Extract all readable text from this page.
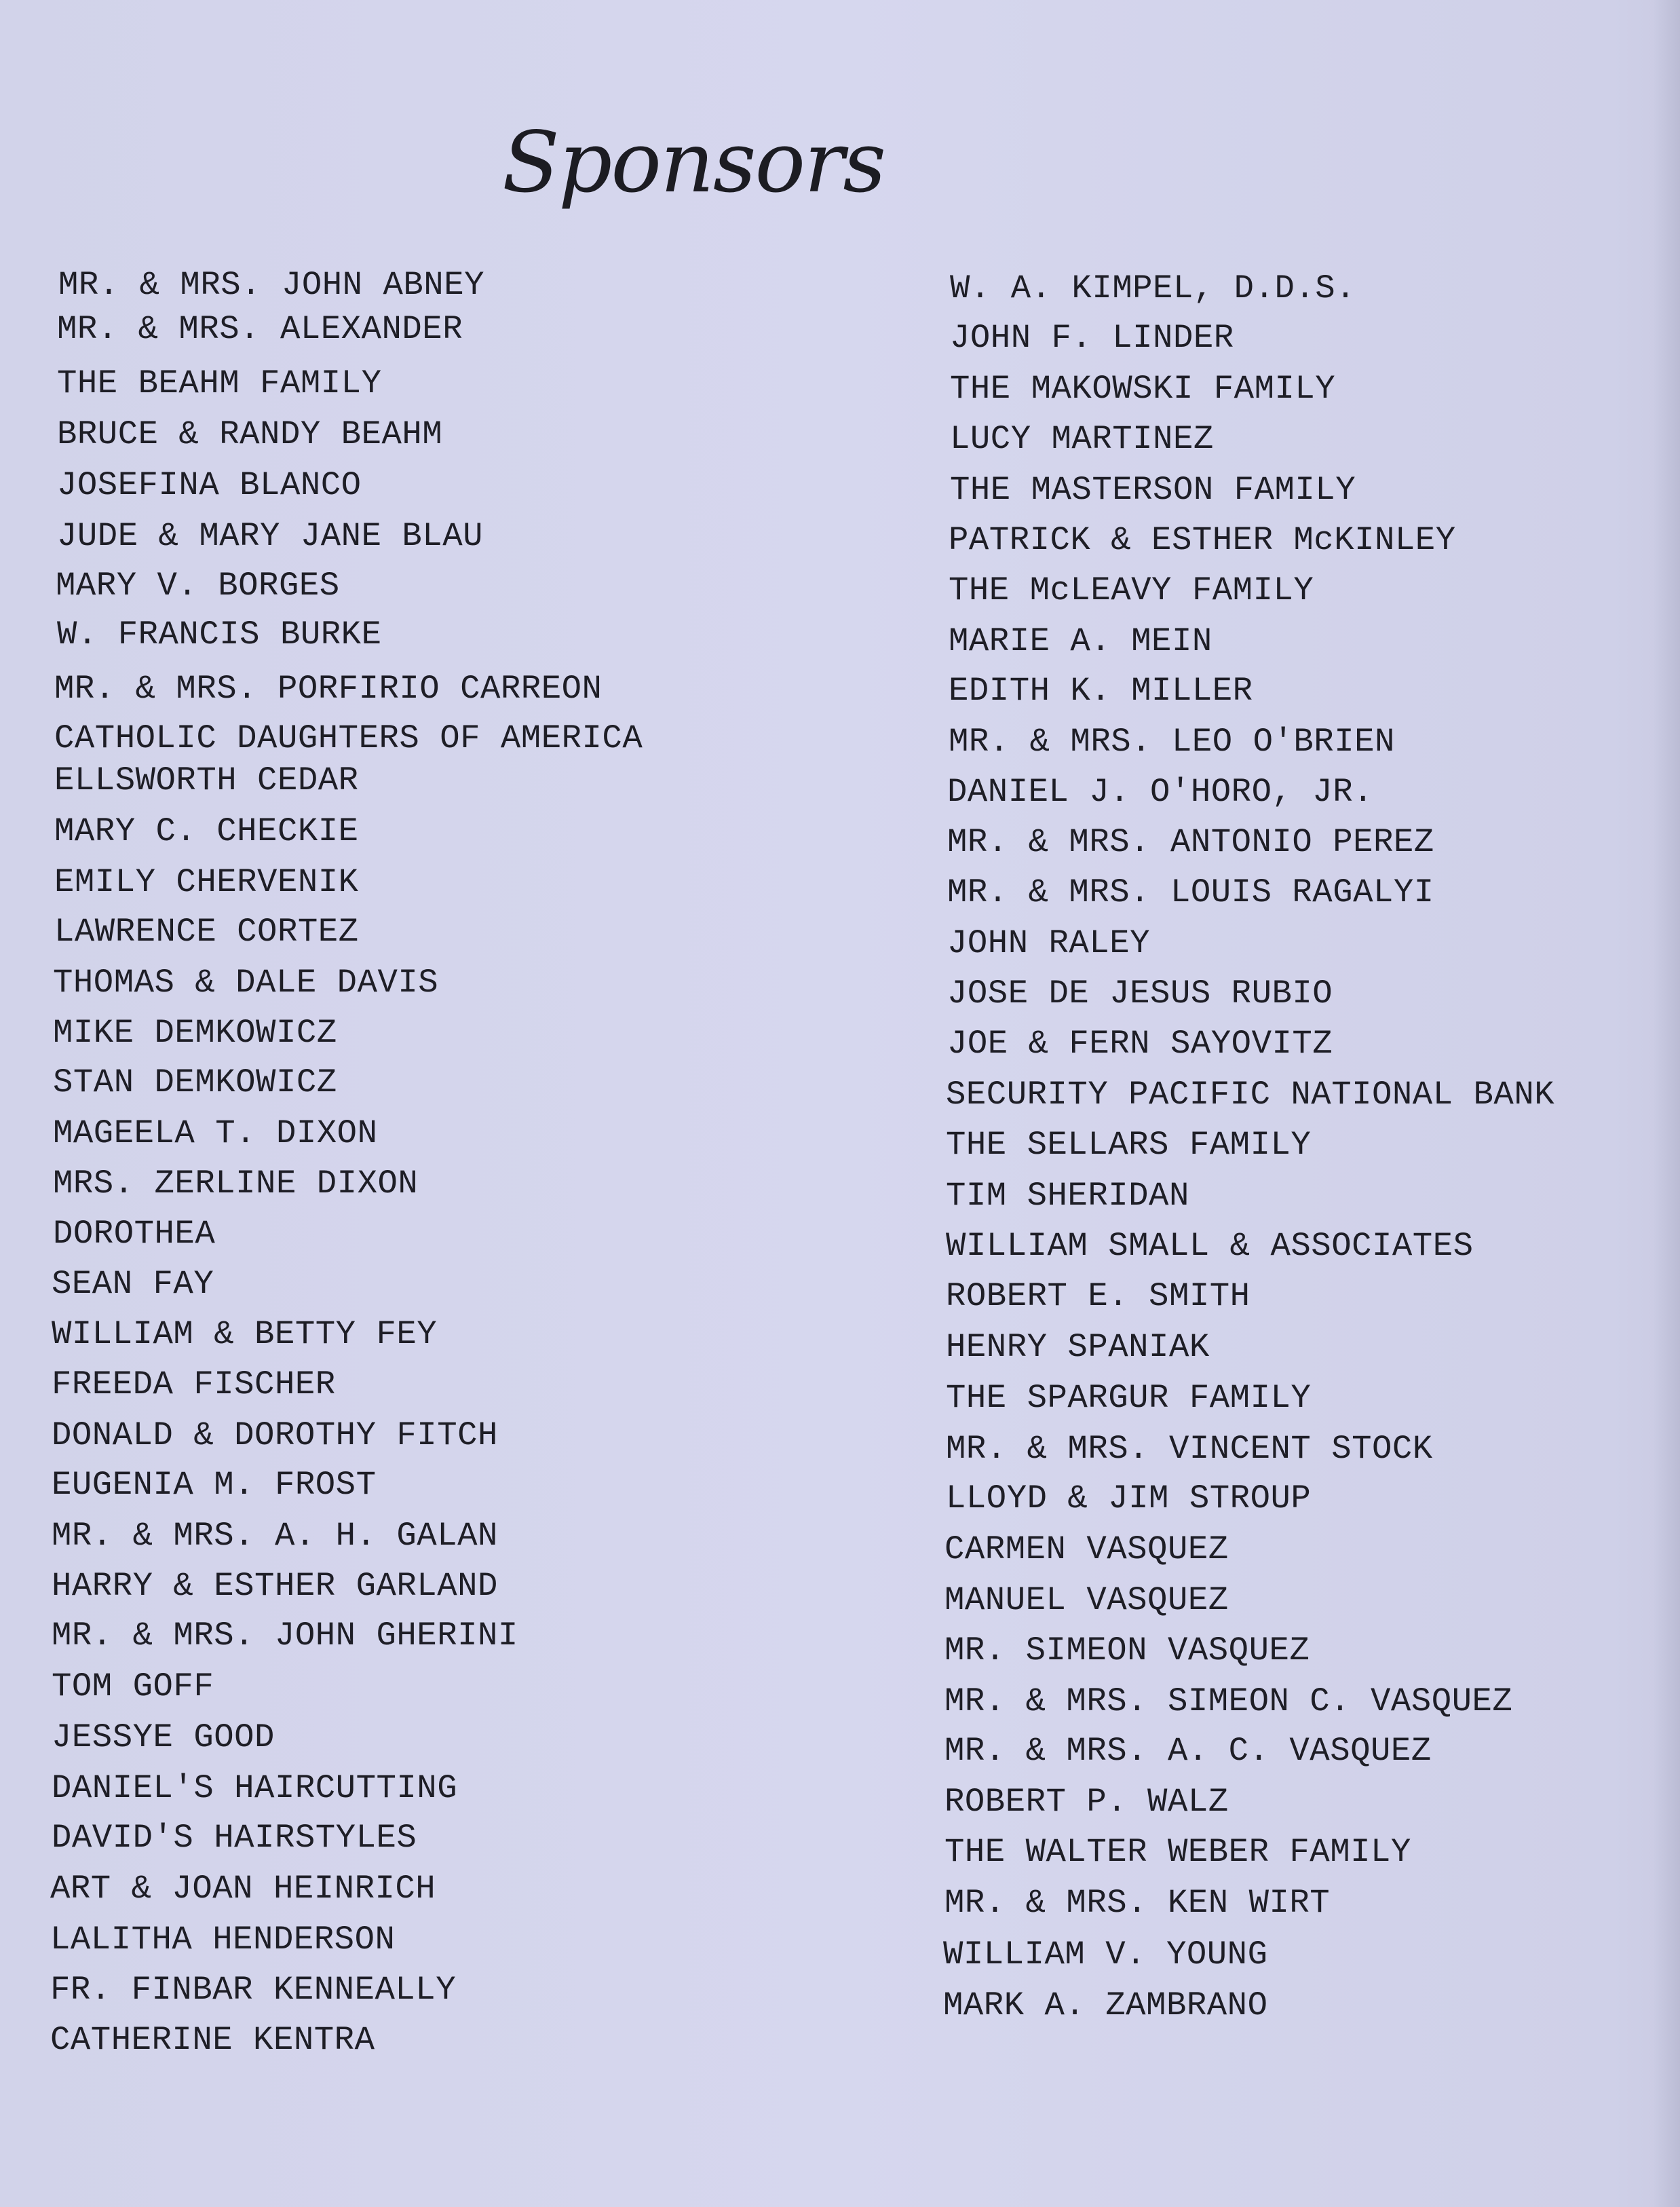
Sponsors
MR. & MRS. JOHN ABNEY
MR. & MRS. ALEXANDER
THE BEAHM FAMILY
BRUCE & RANDY BEAHM
JOSEFINA BLANCO
JUDE & MARY JANE BLAU
MARY V. BORGES
W. FRANCIS BURKE
MR. & MRS. PORFIRIO CARREON
CATHOLIC DAUGHTERS OF AMERICA
ELLSWORTH CEDAR
MARY C. CHECKIE
EMILY CHERVENIK
LAWRENCE CORTEZ
THOMAS & DALE DAVIS
MIKE DEMKOWICZ
STAN DEMKOWICZ
MAGEELA T. DIXON
MRS. ZERLINE DIXON
DOROTHEA
SEAN FAY
WILLIAM & BETTY FEY
FREEDA FISCHER
DONALD & DOROTHY FITCH
EUGENIA M. FROST
MR. & MRS. A. H. GALAN
HARRY & ESTHER GARLAND
MR. & MRS. JOHN GHERINI
TOM GOFF
JESSYE GOOD
DANIEL'S HAIRCUTTING
DAVID'S HAIRSTYLES
ART & JOAN HEINRICH
LALITHA HENDERSON
FR. FINBAR KENNEALLY
CATHERINE KENTRA
W. A. KIMPEL, D.D.S.
JOHN F. LINDER
THE MAKOWSKI FAMILY
LUCY MARTINEZ
THE MASTERSON FAMILY
PATRICK & ESTHER McKINLEY
THE McLEAVY FAMILY
MARIE A. MEIN
EDITH K. MILLER
MR. & MRS. LEO O'BRIEN
DANIEL J. O'HORO, JR.
MR. & MRS. ANTONIO PEREZ
MR. & MRS. LOUIS RAGALYI
JOHN RALEY
JOSE DE JESUS RUBIO
JOE & FERN SAYOVITZ
SECURITY PACIFIC NATIONAL BANK
THE SELLARS FAMILY
TIM SHERIDAN
WILLIAM SMALL & ASSOCIATES
ROBERT E. SMITH
HENRY SPANIAK
THE SPARGUR FAMILY
MR. & MRS. VINCENT STOCK
LLOYD & JIM STROUP
CARMEN VASQUEZ
MANUEL VASQUEZ
MR. SIMEON VASQUEZ
MR. & MRS. SIMEON C. VASQUEZ
MR. & MRS. A. C. VASQUEZ
ROBERT P. WALZ
THE WALTER WEBER FAMILY
MR. & MRS. KEN WIRT
WILLIAM V. YOUNG
MARK A. ZAMBRANO
